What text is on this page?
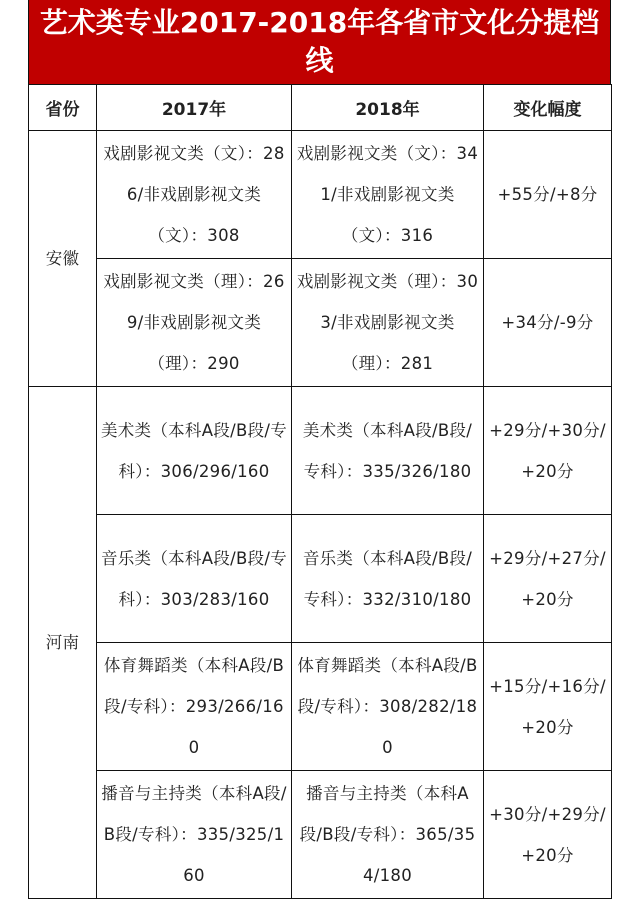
艺术类专业2017-2018年各省市文化分提档线
省份	2017年	2018年	变化幅度
安徽	戏剧影视文类（文）：286/非戏剧影视文类（文）：308	戏剧影视文类（文）：341/非戏剧影视文类（文）：316	+55分/+8分
	戏剧影视文类（理）：269/非戏剧影视文类（理）：290	戏剧影视文类（理）：303/非戏剧影视文类（理）：281	+34分/-9分
河南	美术类（本科A段/B段/专科）：306/296/160	美术类（本科A段/B段/专科）：335/326/180	+29分/+30分/+20分
	音乐类（本科A段/B段/专科）：303/283/160	音乐类（本科A段/B段/专科）：332/310/180	+29分/+27分/+20分
	体育舞蹈类（本科A段/B段/专科）：293/266/160	体育舞蹈类（本科A段/B段/专科）：308/282/180	+15分/+16分/+20分
	播音与主持类（本科A段/B段/专科）：335/325/160	播音与主持类（本科A段/B段/专科）：365/354/180	+30分/+29分/+20分
